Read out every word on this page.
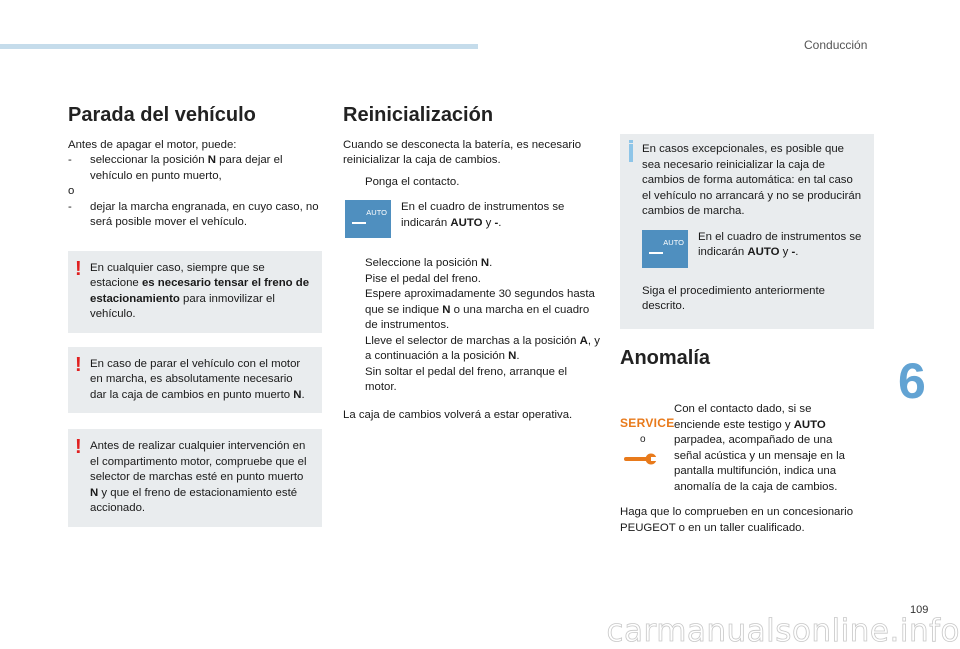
Conducción
Parada del vehículo

Antes de apagar el motor, puede:

- seleccionar la posición N para dejar el vehículo en punto muerto,

o

- dejar la marcha engranada, en cuyo caso, no será posible mover el vehículo.

! En cualquier caso, siempre que se estacione es necesario tensar el freno de estacionamiento para inmovilizar el vehículo.
! En caso de parar el vehículo con el motor en marcha, es absolutamente necesario dar la caja de cambios en punto muerto N.
! Antes de realizar cualquier intervención en el compartimento motor, compruebe que el selector de marchas esté en punto muerto N y que el freno de estacionamiento esté accionado.
Reinicialización

Cuando se desconecta la batería, es necesario reinicializar la caja de cambios.

Ponga el contacto.

AUTO En el cuadro de instrumentos se indicarán AUTO y -.

Seleccione la posición N.

Pise el pedal del freno.

Espere aproximadamente 30 segundos hasta que se indique N o una marcha en el cuadro de instrumentos.

Lleve el selector de marchas a la posición A, y a continuación a la posición N.

Sin soltar el pedal del freno, arranque el motor.

La caja de cambios volverá a estar operativa.

En casos excepcionales, es posible que sea necesario reinicializar la caja de cambios de forma automática: en tal caso el vehículo no arrancará y no se producirán cambios de marcha.

AUTO En el cuadro de instrumentos se indicarán AUTO y -.

Siga el procedimiento anteriormente descrito.

Anomalía
SERVICE
o

Con el contacto dado, si se enciende este testigo y AUTO parpadea, acompañado de una señal acústica y un mensaje en la pantalla multifunción, indica una anomalía de la caja de cambios.

Haga que lo comprueben en un concesionario PEUGEOT o en un taller cualificado.

6
109
carmanualsonline.info
